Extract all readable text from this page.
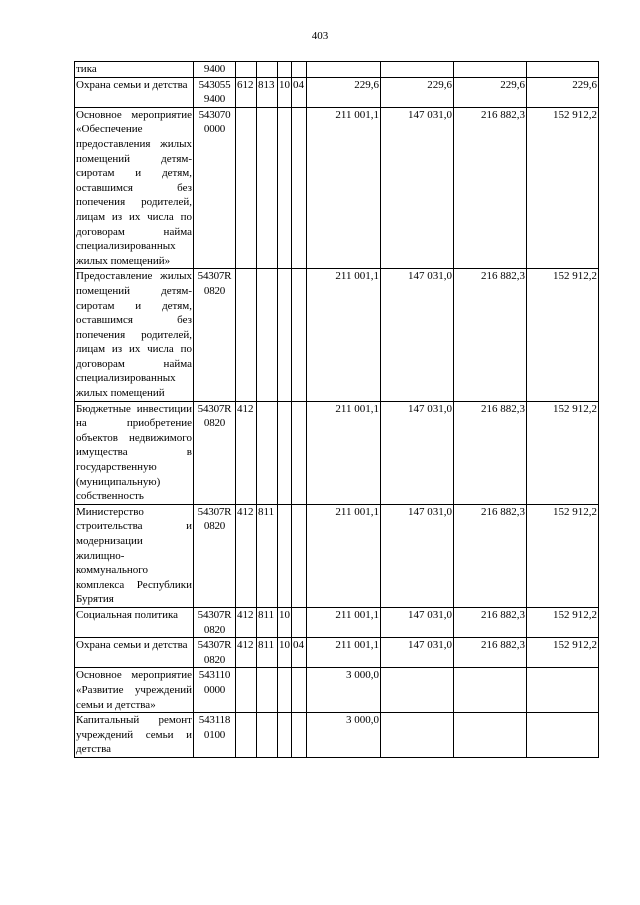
403
тика	9400								
Охрана семьи и детства	543055 9400	612	813	10	04	229,6	229,6	229,6	229,6
Основное мероприятие «Обеспечение предоставления жилых помещений детям-сиротам и детям, оставшимся без попечения родителей, лицам из их числа по договорам найма специализированных жилых помещений»	543070 0000					211 001,1	147 031,0	216 882,3	152 912,2
Предоставление жилых помещений детям-сиротам и детям, оставшимся без попечения родителей, лицам из их числа по договорам найма специализированных жилых помещений	54307R 0820					211 001,1	147 031,0	216 882,3	152 912,2
Бюджетные инвестиции на приобретение объектов недвижимого имущества в государственную (муниципальную) собственность	54307R 0820	412				211 001,1	147 031,0	216 882,3	152 912,2
Министерство строительства и модернизации жилищно-коммунального комплекса Республики Бурятия	54307R 0820	412	811			211 001,1	147 031,0	216 882,3	152 912,2
Социальная политика	54307R 0820	412	811	10		211 001,1	147 031,0	216 882,3	152 912,2
Охрана семьи и детства	54307R 0820	412	811	10	04	211 001,1	147 031,0	216 882,3	152 912,2
Основное мероприятие «Развитие учреждений семьи и детства»	543110 0000					3 000,0			
Капитальный ремонт учреждений семьи и детства	543118 0100					3 000,0			
